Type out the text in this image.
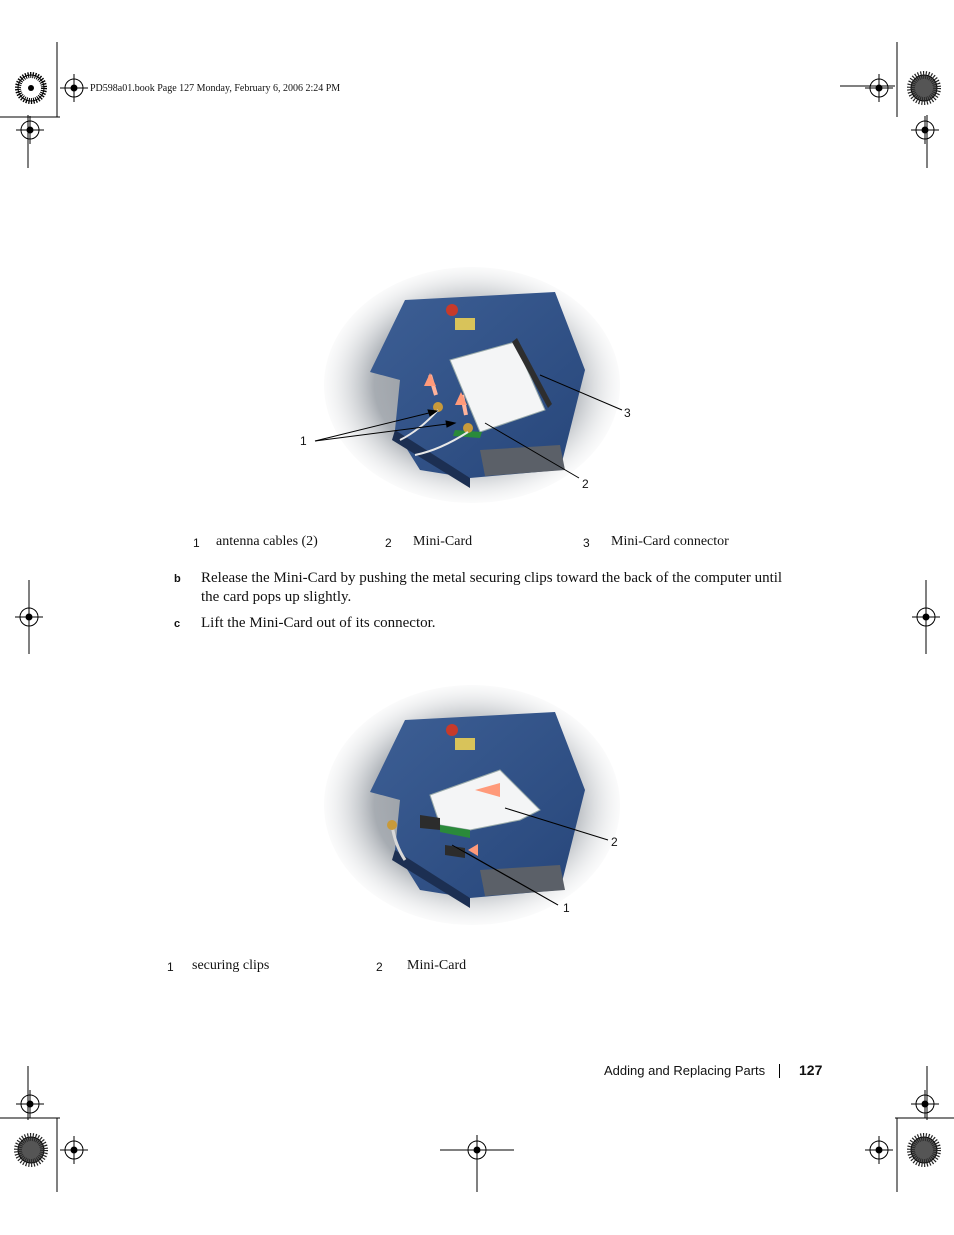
PD598a01.book Page 127 Monday, February 6, 2006 2:24 PM
1
2
3
1 antenna cables (2)	2 Mini-Card	3 Mini-Card connector
b Release the Mini-Card by pushing the metal securing clips toward the back of the computer until
the card pops up slightly.
c Lift the Mini-Card out of its connector.
2
1
1 securing clips	2 Mini-Card
Adding and Replacing Parts 127
